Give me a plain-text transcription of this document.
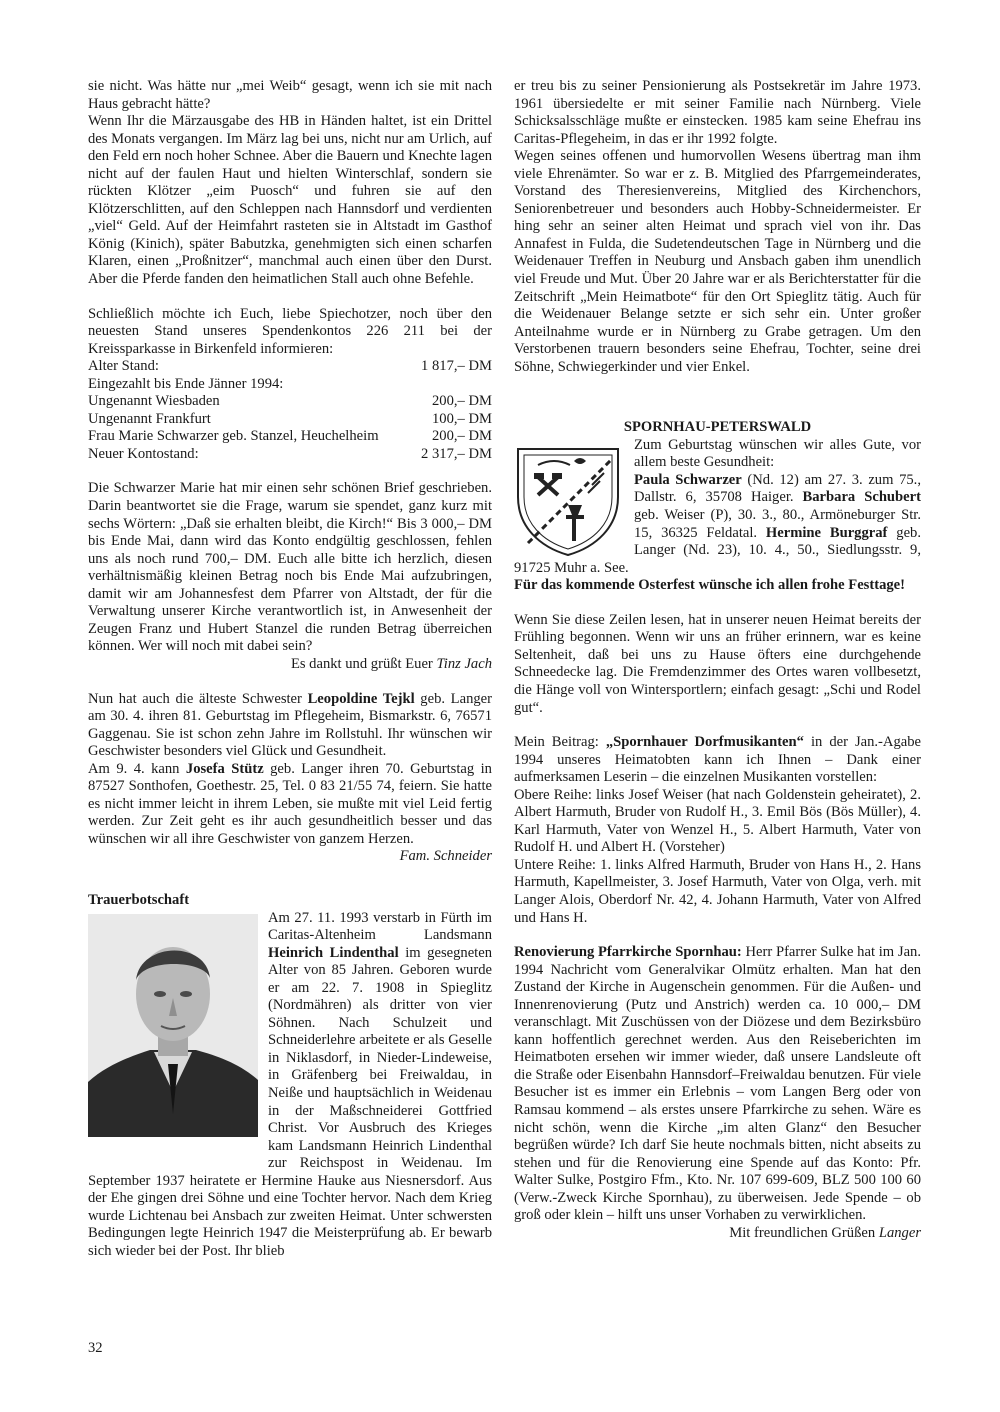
sie nicht. Was hätte nur „mei Weib“ gesagt, wenn ich sie mit nach Haus gebracht hätte?

Wenn Ihr die Märzausgabe des HB in Händen haltet, ist ein Drittel des Monats vergangen. Im März lag bei uns, nicht nur am Urlich, auf den Feld ern noch hoher Schnee. Aber die Bauern und Knechte lagen nicht auf der faulen Haut und hielten Winterschlaf, sondern sie rückten Klötzer „eim Puosch“ und fuhren sie auf den Klötzerschlitten, auf den Schleppen nach Hannsdorf und verdienten „viel“ Geld. Auf der Heimfahrt rasteten sie in Altstadt im Gasthof König (Kinich), später Babutzka, genehmigten sich einen scharfen Klaren, einen „Proßnitzer“, manchmal auch einen über den Durst. Aber die Pferde fanden den heimatlichen Stall auch ohne Befehle.

Schließlich möchte ich Euch, liebe Spiechotzer, noch über den neuesten Stand unseres Spendenkontos 226 211 bei der Kreissparkasse in Birkenfeld informieren:

Alter Stand:	1 817,– DM
Eingezahlt bis Ende Jänner 1994:
Ungenannt Wiesbaden	200,– DM
Ungenannt Frankfurt	100,– DM
Frau Marie Schwarzer geb. Stanzel, Heuchelheim	200,– DM
Neuer Kontostand:	2 317,– DM

Die Schwarzer Marie hat mir einen sehr schönen Brief geschrieben. Darin beantwortet sie die Frage, warum sie spendet, ganz kurz mit sechs Wörtern: „Daß sie erhalten bleibt, die Kirch!“ Bis 3 000,– DM bis Ende Mai, dann wird das Konto endgültig geschlossen, fehlen uns als noch rund 700,– DM. Euch alle bitte ich herzlich, diesen verhältnismäßig kleinen Betrag noch bis Ende Mai aufzubringen, damit wir am Johannesfest dem Pfarrer von Altstadt, der für die Verwaltung unserer Kirche verantwortlich ist, in Anwesenheit der Zeugen Franz und Hubert Stanzel die runden Betrag überreichen können. Wer will noch mit dabei sein?

Es dankt und grüßt Euer Tinz Jach

Nun hat auch die älteste Schwester Leopoldine Tejkl geb. Langer am 30. 4. ihren 81. Geburtstag im Pflegeheim, Bismarkstr. 6, 76571 Gaggenau. Sie ist schon zehn Jahre im Rollstuhl. Ihr wünschen wir Geschwister besonders viel Glück und Gesundheit.

Am 9. 4. kann Josefa Stütz geb. Langer ihren 70. Geburtstag in 87527 Sonthofen, Goethestr. 25, Tel. 0 83 21/55 74, feiern. Sie hatte es nicht immer leicht in ihrem Leben, sie mußte mit viel Leid fertig werden. Zur Zeit geht es ihr auch gesundheitlich besser und das wünschen wir all ihre Geschwister von ganzem Herzen.

Fam. Schneider

Trauerbotschaft

Am 27. 11. 1993 verstarb in Fürth im Caritas-Altenheim Landsmann Heinrich Lindenthal im gesegneten Alter von 85 Jahren. Geboren wurde er am 22. 7. 1908 in Spieglitz (Nordmähren) als dritter von vier Söhnen. Nach Schulzeit und Schneiderlehre arbeitete er als Geselle in Niklasdorf, in Nieder-Lindeweise, in Gräfenberg bei Freiwaldau, in Neiße und hauptsächlich in Weidenau in der Maßschneiderei Gottfried Christ. Vor Ausbruch des Krieges kam Landsmann Heinrich Lindenthal zur Reichspost in Weidenau. Im September 1937 heiratete er Hermine Hauke aus Niesnersdorf. Aus der Ehe gingen drei Söhne und eine Tochter hervor. Nach dem Krieg wurde Lichtenau bei Ansbach zur zweiten Heimat. Unter schwersten Bedingungen legte Heinrich 1947 die Meisterprüfung ab. Er bewarb sich wieder bei der Post. Ihr blieb

er treu bis zu seiner Pensionierung als Postsekretär im Jahre 1973. 1961 übersiedelte er mit seiner Familie nach Nürnberg. Viele Schicksalsschläge mußte er einstecken. 1985 kam seine Ehefrau ins Caritas-Pflegeheim, in das er ihr 1992 folgte.

Wegen seines offenen und humorvollen Wesens übertrag man ihm viele Ehrenämter. So war er z. B. Mitglied des Pfarrgemeinderates, Vorstand des Theresienvereins, Mitglied des Kirchenchors, Seniorenbetreuer und besonders auch Hobby-Schneidermeister. Er hing sehr an seiner alten Heimat und sprach viel von ihr. Das Annafest in Fulda, die Sudetendeutschen Tage in Nürnberg und die Weidenauer Treffen in Neuburg und Ansbach gaben ihm unendlich viel Freude und Mut. Über 20 Jahre war er als Berichterstatter für die Zeitschrift „Mein Heimatbote“ für den Ort Spieglitz tätig. Auch für die Weidenauer Belange setzte er sich sehr ein. Unter großer Anteilnahme wurde er in Nürnberg zu Grabe getragen. Um den Verstorbenen trauern besonders seine Ehefrau, Tochter, seine drei Söhne, Schwiegerkinder und vier Enkel.

SPORNHAU-PETERSWALD

Zum Geburtstag wünschen wir alles Gute, vor allem beste Gesundheit:

Paula Schwarzer (Nd. 12) am 27. 3. zum 75., Dallstr. 6, 35708 Haiger. Barbara Schubert geb. Weiser (P), 30. 3., 80., Armöneburger Str. 15, 36325 Feldatal. Hermine Burggraf geb. Langer (Nd. 23), 10. 4., 50., Siedlungsstr. 9, 91725 Muhr a. See.

Für das kommende Osterfest wünsche ich allen frohe Festtage!

Wenn Sie diese Zeilen lesen, hat in unserer neuen Heimat bereits der Frühling begonnen. Wenn wir uns an früher erinnern, war es keine Seltenheit, daß bei uns zu Hause öfters eine durchgehende Schneedecke lag. Die Fremdenzimmer des Ortes waren vollbesetzt, die Hänge voll von Wintersportlern; einfach gesagt: „Schi und Rodel gut“.

Mein Beitrag: „Spornhauer Dorfmusikanten“ in der Jan.-Agabe 1994 unseres Heimatobten kann ich Ihnen – Dank einer aufmerksamen Leserin – die einzelnen Musikanten vorstellen:

Obere Reihe: links Josef Weiser (hat nach Goldenstein geheiratet), 2. Albert Harmuth, Bruder von Rudolf H., 3. Emil Bös (Bös Müller), 4. Karl Harmuth, Vater von Wenzel H., 5. Albert Harmuth, Vater von Rudolf H. und Albert H. (Vorsteher)

Untere Reihe: 1. links Alfred Harmuth, Bruder von Hans H., 2. Hans Harmuth, Kapellmeister, 3. Josef Harmuth, Vater von Olga, verh. mit Langer Alois, Oberdorf Nr. 42, 4. Johann Harmuth, Vater von Alfred und Hans H.

Renovierung Pfarrkirche Spornhau: Herr Pfarrer Sulke hat im Jan. 1994 Nachricht vom Generalvikar Olmütz erhalten. Man hat den Zustand der Kirche in Augenschein genommen. Für die Außen- und Innenrenovierung (Putz und Anstrich) werden ca. 10 000,– DM veranschlagt. Mit Zuschüssen von der Diözese und dem Bezirksbüro kann hoffentlich gerechnet werden. Aus den Reiseberichten im Heimatboten ersehen wir immer wieder, daß unsere Landsleute oft die Straße oder Eisenbahn Hannsdorf–Freiwaldau benutzen. Für viele Besucher ist es immer ein Erlebnis – vom Langen Berg oder von Ramsau kommend – als erstes unsere Pfarrkirche zu sehen. Wäre es nicht schön, wenn die Kirche „im alten Glanz“ den Besucher begrüßen würde? Ich darf Sie heute nochmals bitten, nicht abseits zu stehen und für die Renovierung eine Spende auf das Konto: Pfr. Walter Sulke, Postgiro Ffm., Kto. Nr. 107 699-609, BLZ 500 100 60 (Verw.-Zweck Kirche Spornhau), zu überweisen. Jede Spende – ob groß oder klein – hilft uns unser Vorhaben zu verwirklichen.

Mit freundlichen Grüßen Langer

32
